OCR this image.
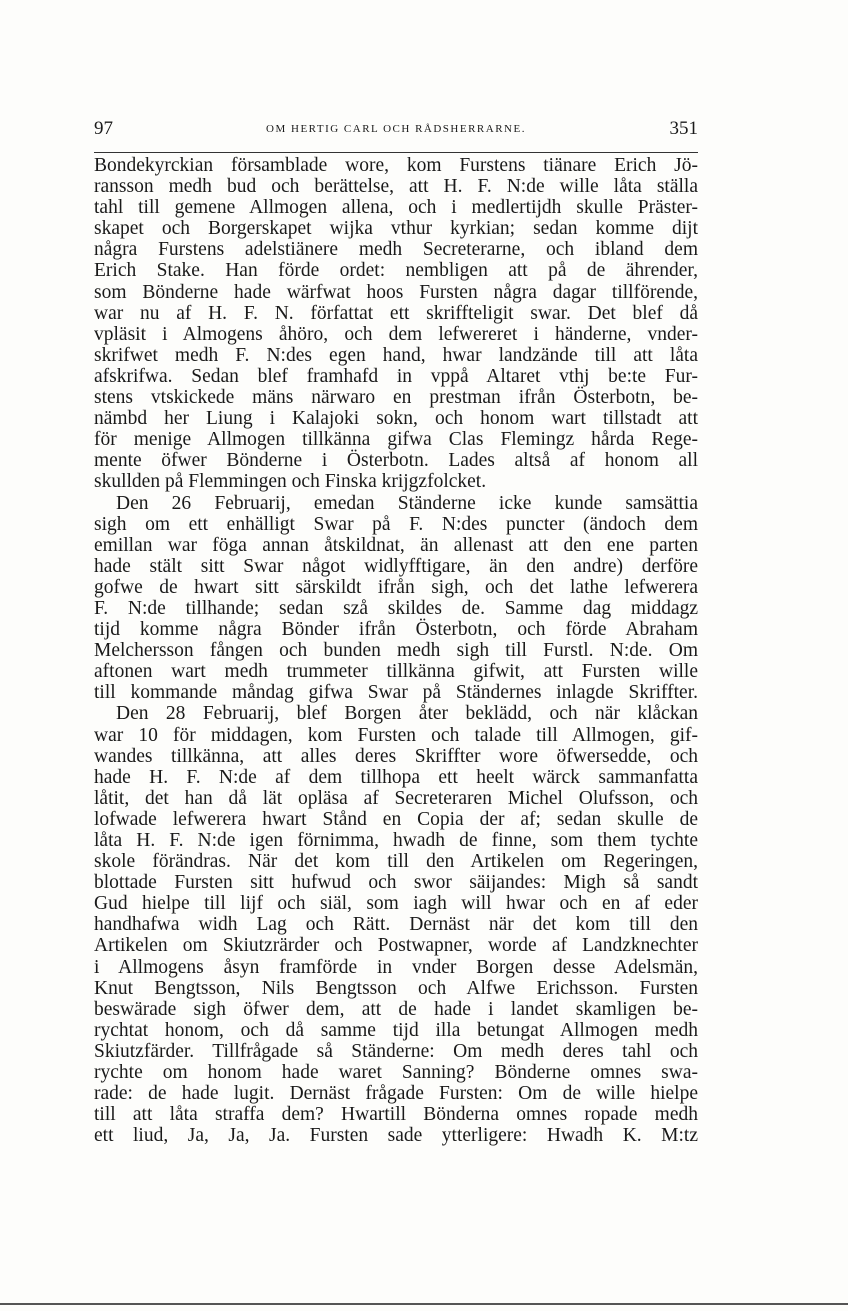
97	OM HERTIG CARL OCH RÅDSHERRARNE.	351
Bondekyrckian församblade wore, kom Furstens tiänare Erich Jö-
ransson medh bud och berättelse, att H. F. N:de wille låta ställa
tahl till gemene Allmogen allena, och i medlertijdh skulle Präster-
skapet och Borgerskapet wijka vthur kyrkian; sedan komme dijt
några Furstens adelstiänere medh Secreterarne, och ibland dem
Erich Stake. Han förde ordet: nembligen att på de ährender,
som Bönderne hade wärfwat hoos Fursten några dagar tillförende,
war nu af H. F. N. författat ett skriffteligit swar. Det blef då
vpläsit i Almogens åhöro, och dem lefwereret i händerne, vnder-
skrifwet medh F. N:des egen hand, hwar landzände till att låta
afskrifwa. Sedan blef framhafd in vppå Altaret vthj be:te Fur-
stens vtskickede mäns närwaro en prestman ifrån Österbotn, be-
nämbd her Liung i Kalajoki sokn, och honom wart tillstadt att
för menige Allmogen tillkänna gifwa Clas Flemingz hårda Rege-
mente öfwer Bönderne i Österbotn. Lades altså af honom all
skullden på Flemmingen och Finska krijgzfolcket.
Den 26 Februarij, emedan Ständerne icke kunde samsättia
sigh om ett enhälligt Swar på F. N:des puncter (ändoch dem
emillan war föga annan åtskildnat, än allenast att den ene parten
hade stält sitt Swar något widlyfftigare, än den andre) derföre
gofwe de hwart sitt särskildt ifrån sigh, och det lathe lefwerera
F. N:de tillhande; sedan szå skildes de. Samme dag middagz
tijd komme några Bönder ifrån Österbotn, och förde Abraham
Melchersson fången och bunden medh sigh till Furstl. N:de. Om
aftonen wart medh trummeter tillkänna gifwit, att Fursten wille
till kommande måndag gifwa Swar på Ständernes inlagde Skriffter.
Den 28 Februarij, blef Borgen åter beklädd, och när klåckan
war 10 för middagen, kom Fursten och talade till Allmogen, gif-
wandes tillkänna, att alles deres Skriffter wore öfwersedde, och
hade H. F. N:de af dem tillhopa ett heelt wärck sammanfatta
låtit, det han då lät opläsa af Secreteraren Michel Olufsson, och
lofwade lefwerera hwart Stånd en Copia der af; sedan skulle de
låta H. F. N:de igen förnimma, hwadh de finne, som them tychte
skole förändras. När det kom till den Artikelen om Regeringen,
blottade Fursten sitt hufwud och swor säijandes: Migh så sandt
Gud hielpe till lijf och siäl, som iagh will hwar och en af eder
handhafwa widh Lag och Rätt. Dernäst när det kom till den
Artikelen om Skiutzrärder och Postwapner, worde af Landzknechter
i Allmogens åsyn framförde in vnder Borgen desse Adelsmän,
Knut Bengtsson, Nils Bengtsson och Alfwe Erichsson. Fursten
beswärade sigh öfwer dem, att de hade i landet skamligen be-
rychtat honom, och då samme tijd illa betungat Allmogen medh
Skiutzfärder. Tillfrågade så Ständerne: Om medh deres tahl och
rychte om honom hade waret Sanning? Bönderne omnes swa-
rade: de hade lugit. Dernäst frågade Fursten: Om de wille hielpe
till att låta straffa dem? Hwartill Bönderna omnes ropade medh
ett liud, Ja, Ja, Ja. Fursten sade ytterligere: Hwadh K. M:tz
